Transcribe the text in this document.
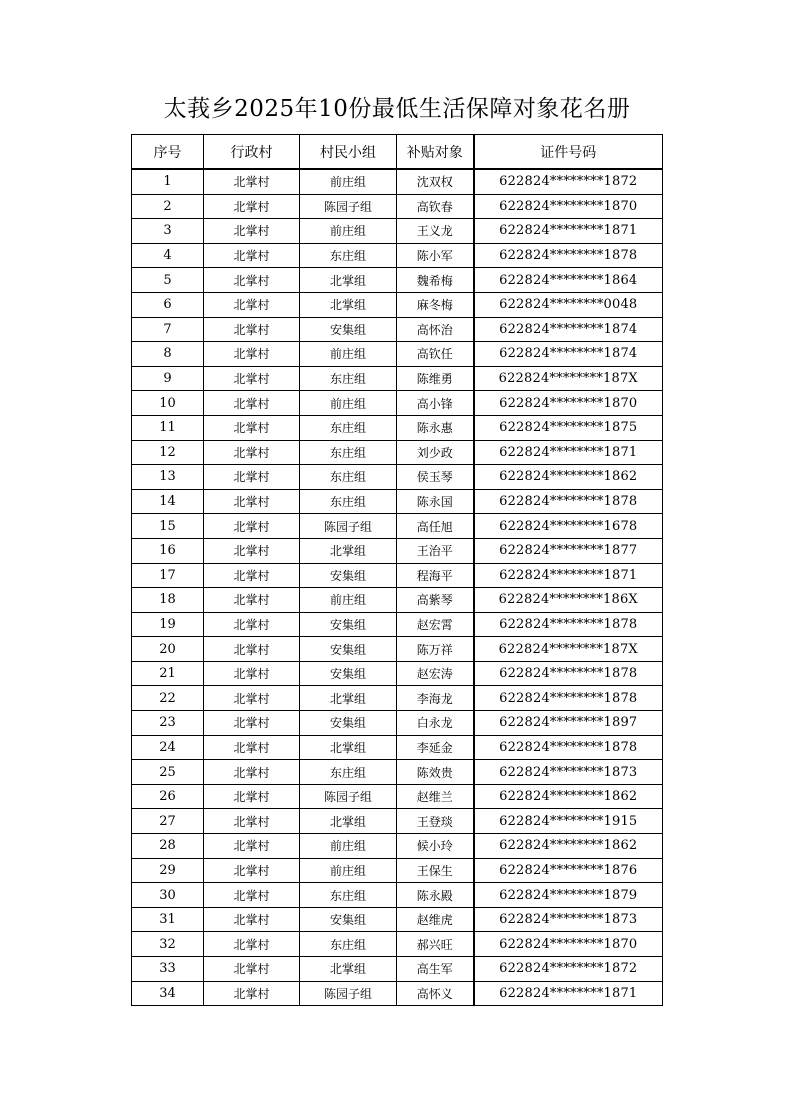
太莪乡2025年10份最低生活保障对象花名册
序号	行政村	村民小组	补贴对象	证件号码
1	北掌村	前庄组	沈双权	622824********1872
2	北掌村	陈园子组	高钦春	622824********1870
3	北掌村	前庄组	王义龙	622824********1871
4	北掌村	东庄组	陈小军	622824********1878
5	北掌村	北掌组	魏希梅	622824********1864
6	北掌村	北掌组	麻冬梅	622824********0048
7	北掌村	安集组	高怀治	622824********1874
8	北掌村	前庄组	高钦任	622824********1874
9	北掌村	东庄组	陈维勇	622824********187X
10	北掌村	前庄组	高小锋	622824********1870
11	北掌村	东庄组	陈永惠	622824********1875
12	北掌村	东庄组	刘少政	622824********1871
13	北掌村	东庄组	侯玉琴	622824********1862
14	北掌村	东庄组	陈永国	622824********1878
15	北掌村	陈园子组	高任旭	622824********1678
16	北掌村	北掌组	王治平	622824********1877
17	北掌村	安集组	程海平	622824********1871
18	北掌村	前庄组	高紫琴	622824********186X
19	北掌村	安集组	赵宏霄	622824********1878
20	北掌村	安集组	陈万祥	622824********187X
21	北掌村	安集组	赵宏涛	622824********1878
22	北掌村	北掌组	李海龙	622824********1878
23	北掌村	安集组	白永龙	622824********1897
24	北掌村	北掌组	李延金	622824********1878
25	北掌村	东庄组	陈效贵	622824********1873
26	北掌村	陈园子组	赵维兰	622824********1862
27	北掌村	北掌组	王登琰	622824********1915
28	北掌村	前庄组	候小玲	622824********1862
29	北掌村	前庄组	王保生	622824********1876
30	北掌村	东庄组	陈永殿	622824********1879
31	北掌村	安集组	赵维虎	622824********1873
32	北掌村	东庄组	郝兴旺	622824********1870
33	北掌村	北掌组	高生军	622824********1872
34	北掌村	陈园子组	高怀义	622824********1871
